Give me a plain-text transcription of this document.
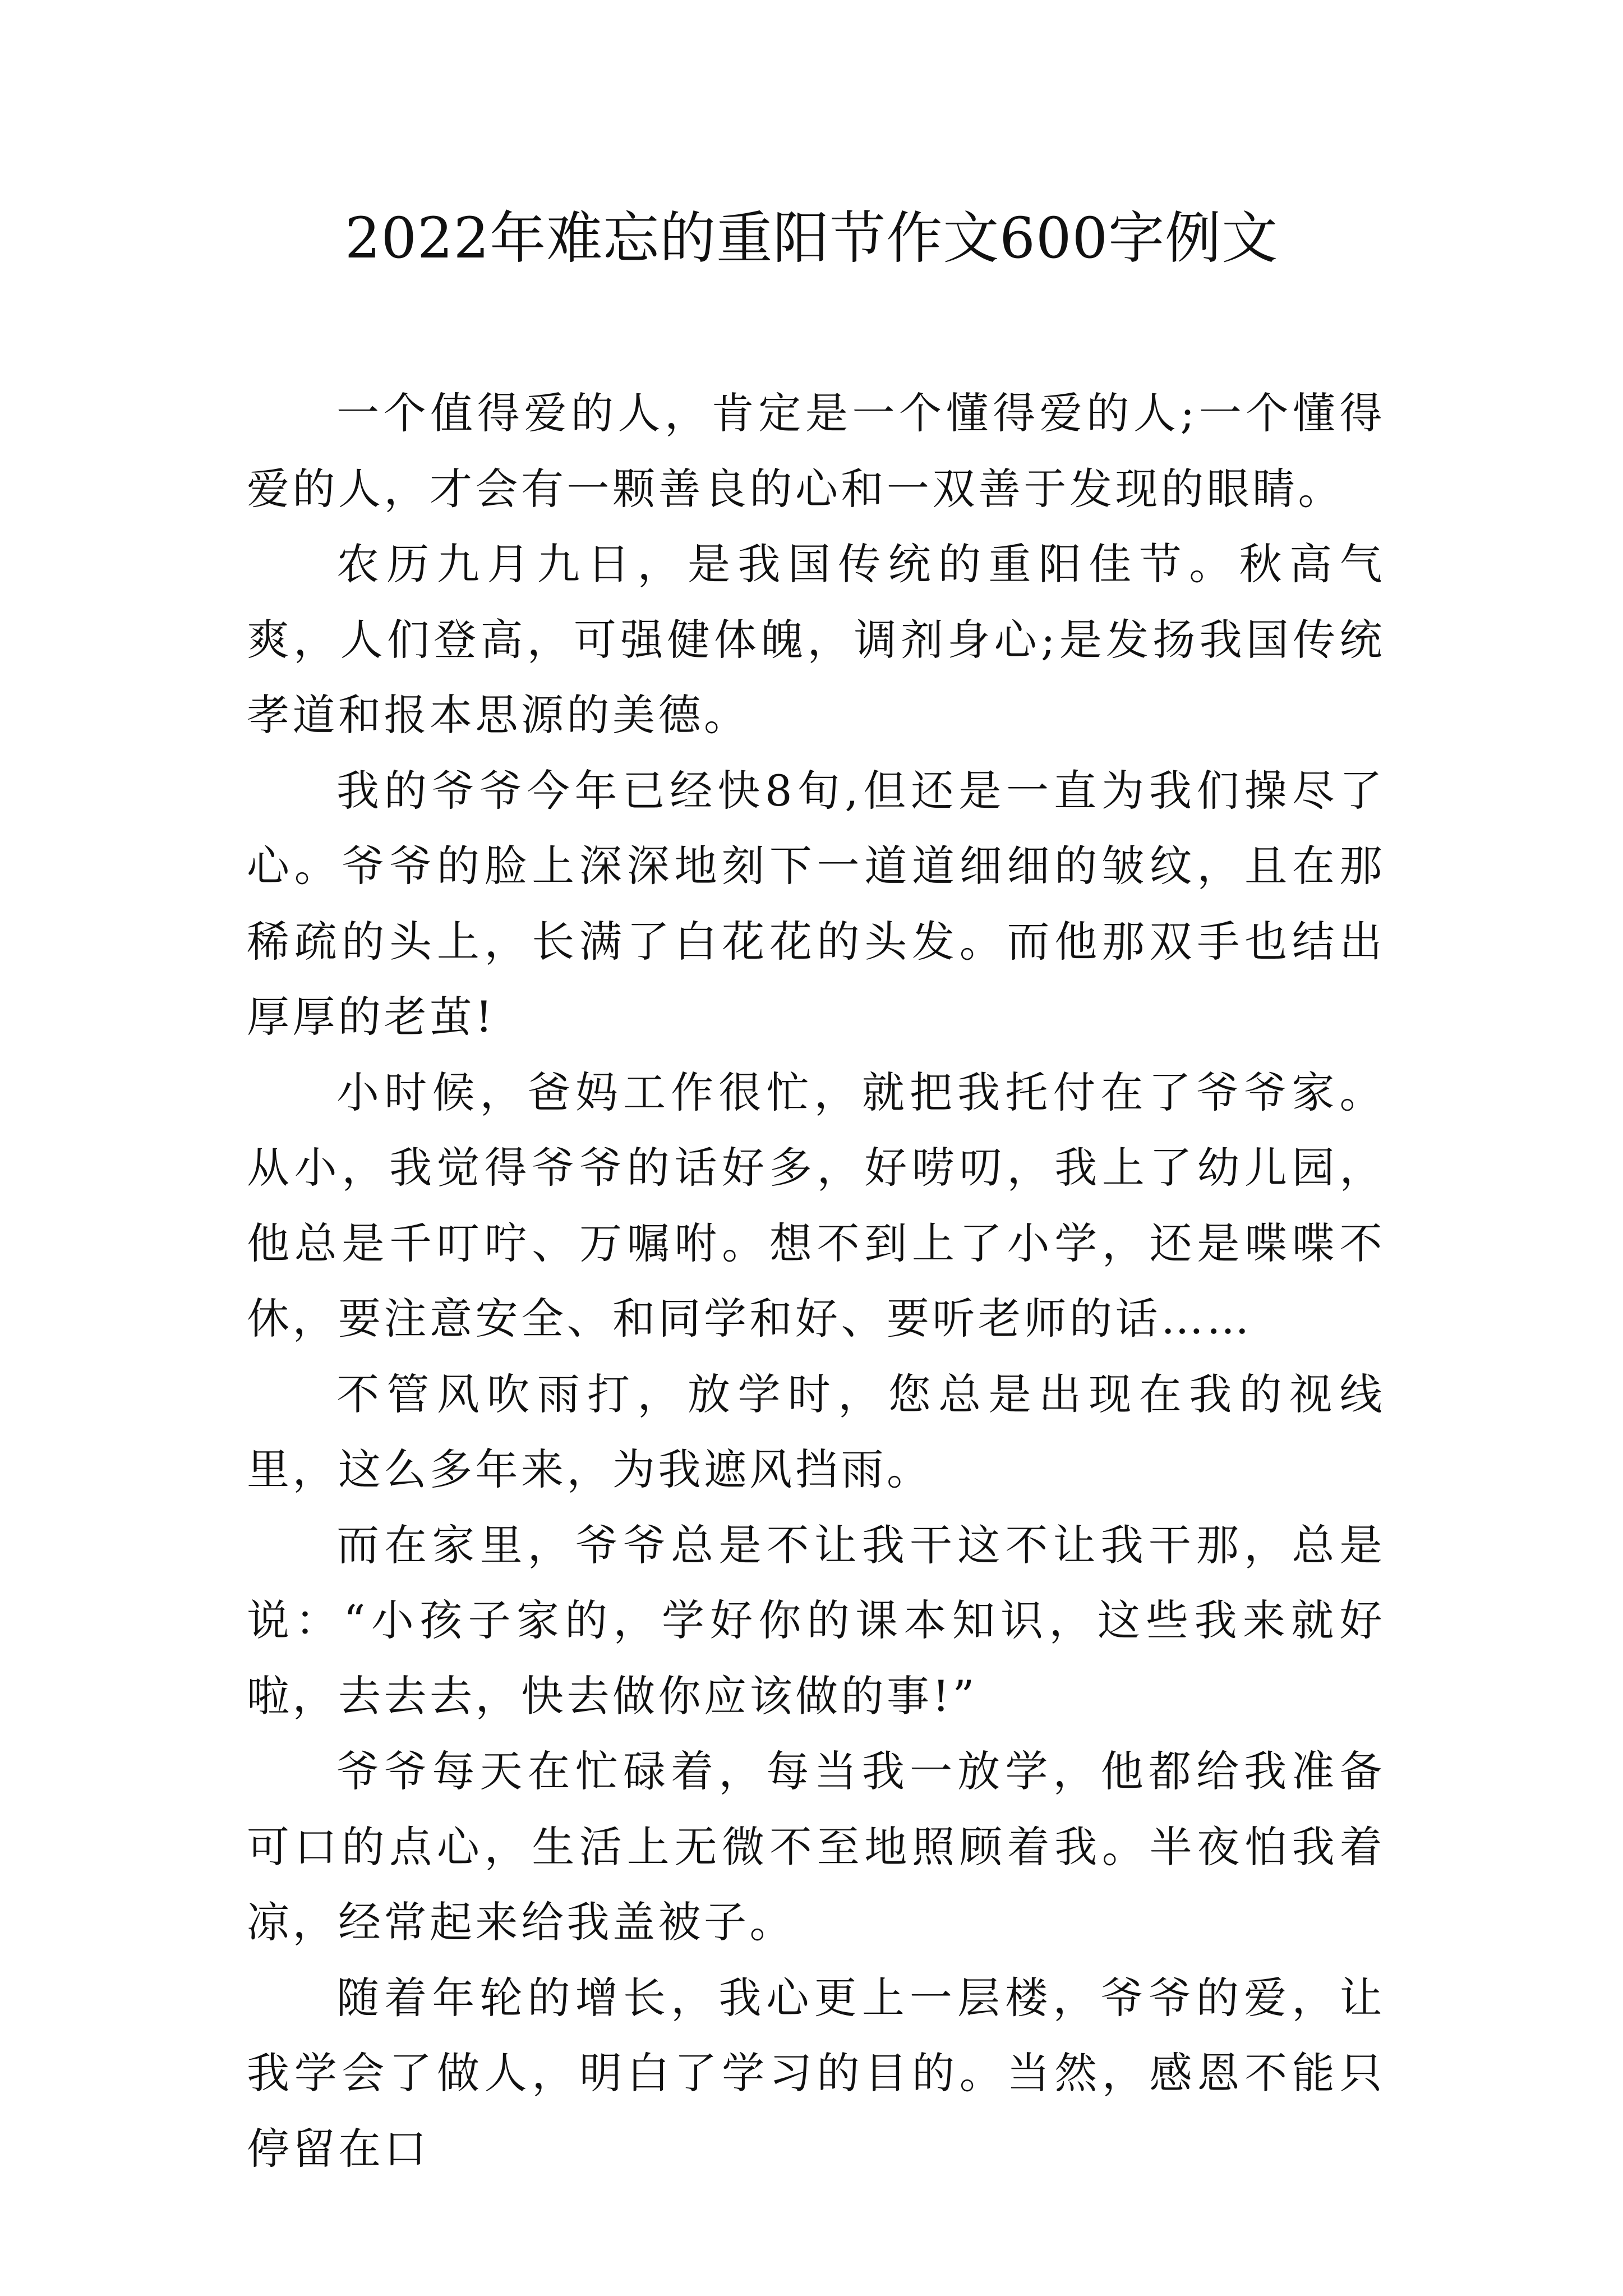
2022年难忘的重阳节作文600字例文

一个值得爱的人，肯定是一个懂得爱的人;一个懂得爱的人，才会有一颗善良的心和一双善于发现的眼睛。

农历九月九日，是我国传统的重阳佳节。秋高气爽，人们登高，可强健体魄，调剂身心;是发扬我国传统孝道和报本思源的美德。

我的爷爷今年已经快8旬,但还是一直为我们操尽了心。爷爷的脸上深深地刻下一道道细细的皱纹，且在那稀疏的头上，长满了白花花的头发。而他那双手也结出厚厚的老茧!

小时候，爸妈工作很忙，就把我托付在了爷爷家。从小，我觉得爷爷的话好多，好唠叨，我上了幼儿园，他总是千叮咛、万嘱咐。想不到上了小学，还是喋喋不休，要注意安全、和同学和好、要听老师的话……

不管风吹雨打，放学时，您总是出现在我的视线里，这么多年来，为我遮风挡雨。

而在家里，爷爷总是不让我干这不让我干那，总是说：“小孩子家的，学好你的课本知识，这些我来就好啦，去去去，快去做你应该做的事!”

爷爷每天在忙碌着，每当我一放学，他都给我准备可口的点心，生活上无微不至地照顾着我。半夜怕我着凉，经常起来给我盖被子。

随着年轮的增长，我心更上一层楼，爷爷的爱，让我学会了做人，明白了学习的目的。当然，感恩不能只停留在口
